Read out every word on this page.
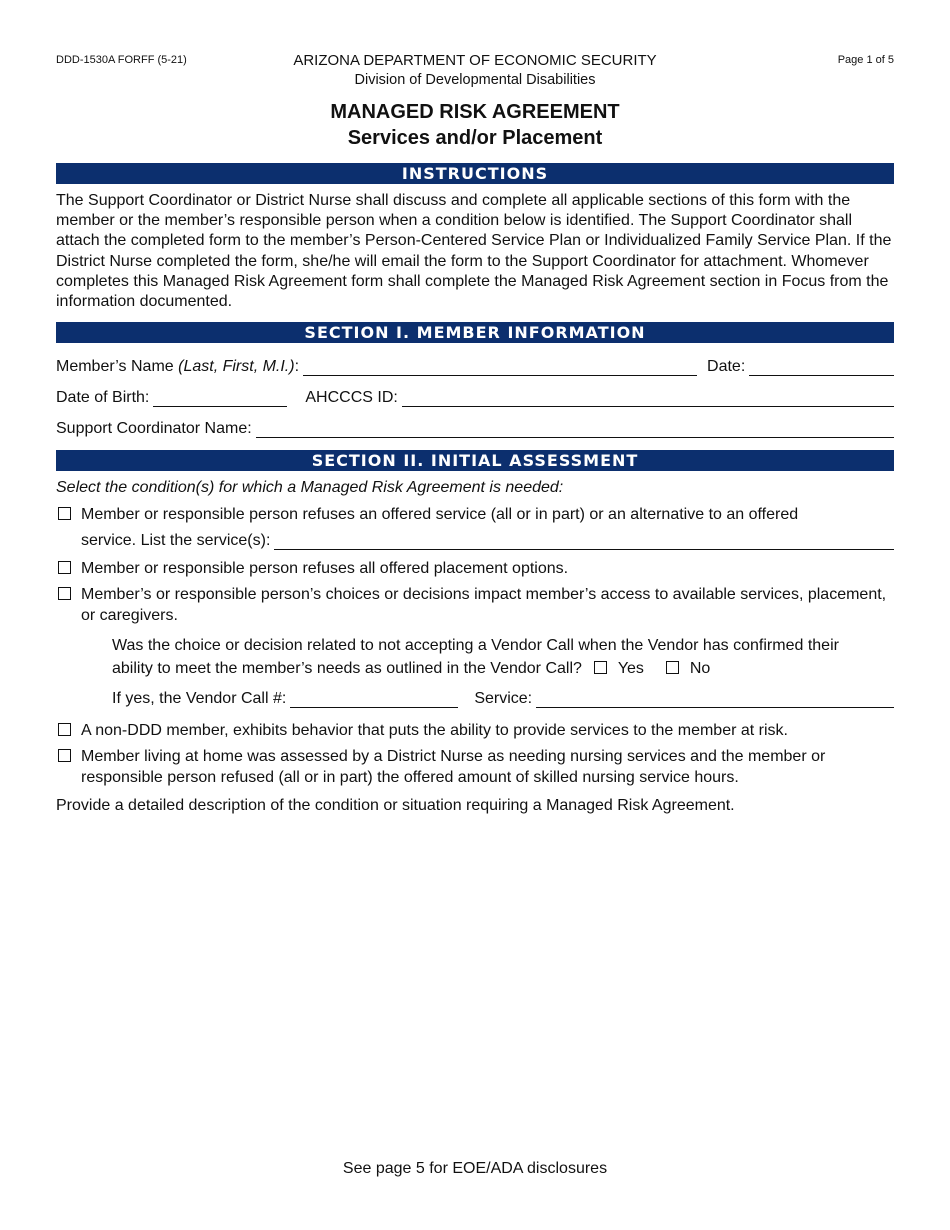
DDD-1530A FORFF (5-21)	Page 1 of 5
ARIZONA DEPARTMENT OF ECONOMIC SECURITY
Division of Developmental Disabilities
MANAGED RISK AGREEMENT
Services and/or Placement
INSTRUCTIONS
The Support Coordinator or District Nurse shall discuss and complete all applicable sections of this form with the member or the member’s responsible person when a condition below is identified. The Support Coordinator shall attach the completed form to the member’s Person-Centered Service Plan or Individualized Family Service Plan. If the District Nurse completed the form, she/he will email the form to the Support Coordinator for attachment. Whomever completes this Managed Risk Agreement form shall complete the Managed Risk Agreement section in Focus from the information documented.
SECTION I. MEMBER INFORMATION
Member’s Name (Last, First, M.I.):	Date:
Date of Birth:	AHCCCS ID:
Support Coordinator Name:
SECTION II. INITIAL ASSESSMENT
Select the condition(s) for which a Managed Risk Agreement is needed:
Member or responsible person refuses an offered service (all or in part) or an alternative to an offered
service. List the service(s):
Member or responsible person refuses all offered placement options.
Member’s or responsible person’s choices or decisions impact member’s access to available services, placement, or caregivers.
Was the choice or decision related to not accepting a Vendor Call when the Vendor has confirmed their
ability to meet the member’s needs as outlined in the Vendor Call? Yes	No
If yes, the Vendor Call #:	Service:
A non-DDD member, exhibits behavior that puts the ability to provide services to the member at risk.
Member living at home was assessed by a District Nurse as needing nursing services and the member or responsible person refused (all or in part) the offered amount of skilled nursing service hours.
Provide a detailed description of the condition or situation requiring a Managed Risk Agreement.
See page 5 for EOE/ADA disclosures
